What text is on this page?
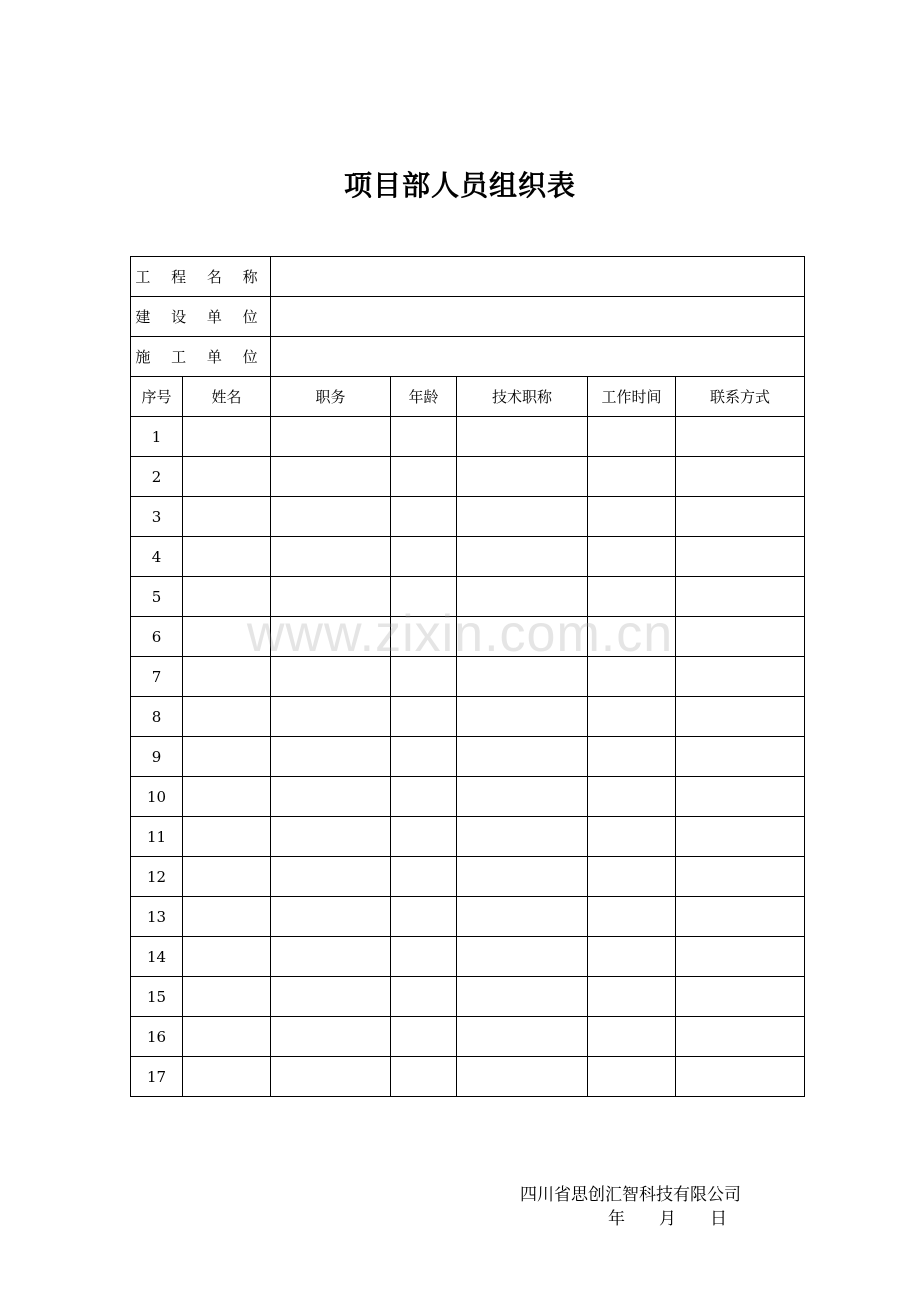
项目部人员组织表
工 程 名 称						
建 设 单 位						
施 工 单 位						
序号	姓名	职务	年龄	技术职称	工作时间	联系方式
1						
2						
3						
4						
5						
6						
7						
8						
9						
10						
11						
12						
13						
14						
15						
16						
17						
www.zixin.com.cn
四川省思创汇智科技有限公司
年 月 日
